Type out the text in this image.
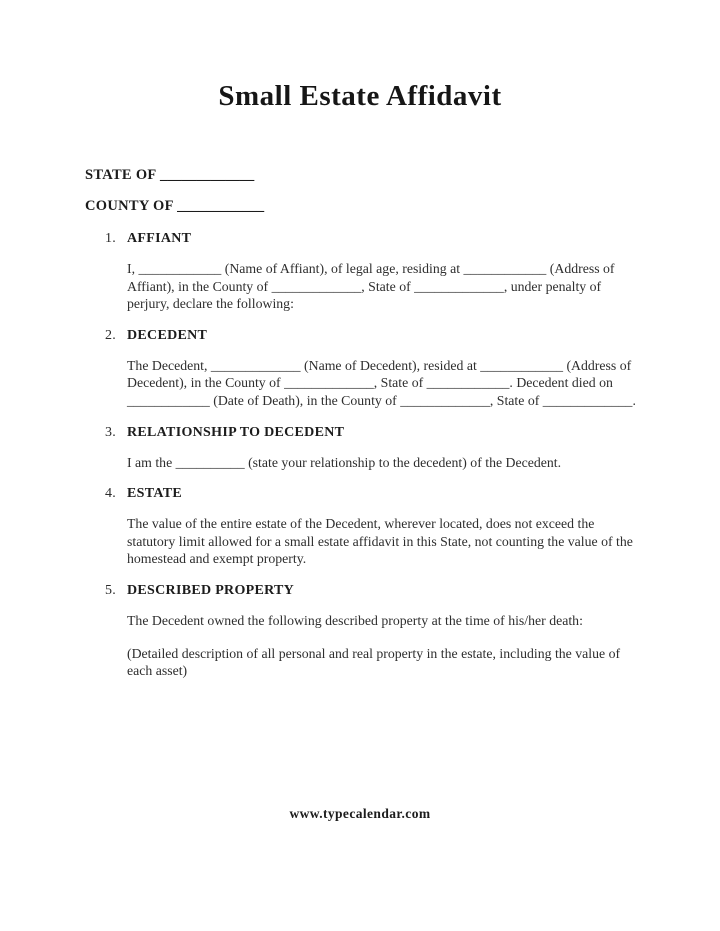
Small Estate Affidavit

STATE OF _____________

COUNTY OF ____________

1. AFFIANT

I, ____________ (Name of Affiant), of legal age, residing at ____________ (Address of Affiant), in the County of _____________, State of _____________, under penalty of perjury, declare the following:

2. DECEDENT

The Decedent, _____________ (Name of Decedent), resided at ____________ (Address of Decedent), in the County of _____________, State of ____________. Decedent died on ____________ (Date of Death), in the County of _____________, State of _____________.

3. RELATIONSHIP TO DECEDENT

I am the __________ (state your relationship to the decedent) of the Decedent.

4. ESTATE

The value of the entire estate of the Decedent, wherever located, does not exceed the statutory limit allowed for a small estate affidavit in this State, not counting the value of the homestead and exempt property.

5. DESCRIBED PROPERTY

The Decedent owned the following described property at the time of his/her death:

(Detailed description of all personal and real property in the estate, including the value of each asset)

www.typecalendar.com
